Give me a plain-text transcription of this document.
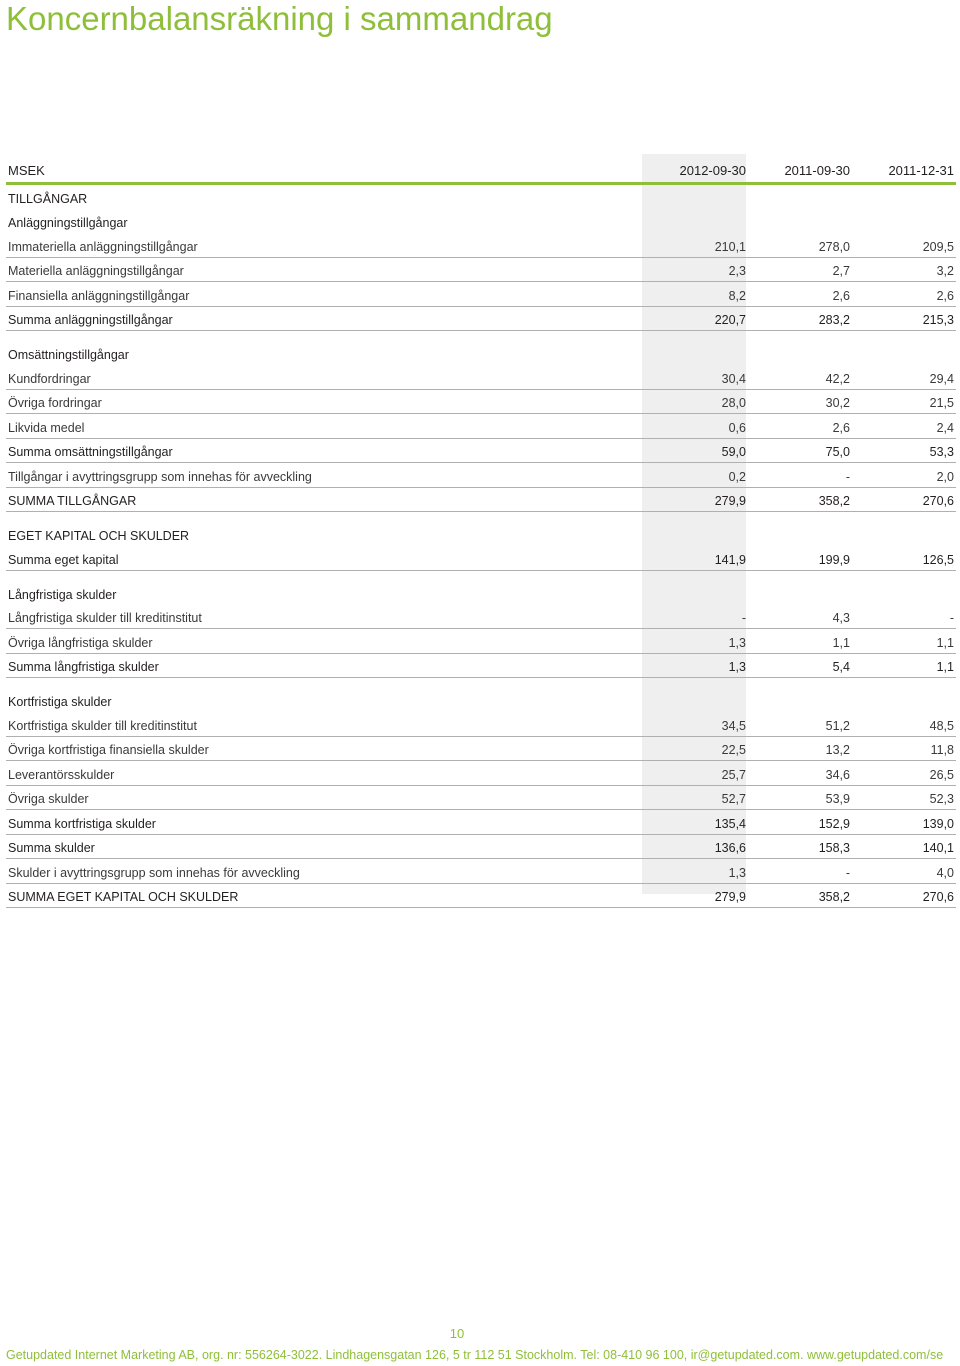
Koncernbalansräkning i sammandrag
MSEK	2012-09-30	2011-09-30	2011-12-31
TILLGÅNGAR
Anläggningstillgångar
Immateriella anläggningstillgångar	210,1	278,0	209,5
Materiella anläggningstillgångar	2,3	2,7	3,2
Finansiella anläggningstillgångar	8,2	2,6	2,6
Summa anläggningstillgångar	220,7	283,2	215,3
Omsättningstillgångar
Kundfordringar	30,4	42,2	29,4
Övriga fordringar	28,0	30,2	21,5
Likvida medel	0,6	2,6	2,4
Summa omsättningstillgångar	59,0	75,0	53,3
Tillgångar i avyttringsgrupp som innehas för avveckling	0,2	-	2,0
SUMMA TILLGÅNGAR	279,9	358,2	270,6
EGET KAPITAL OCH SKULDER
Summa eget kapital	141,9	199,9	126,5
Långfristiga skulder
Långfristiga skulder till kreditinstitut	-	4,3	-
Övriga långfristiga skulder	1,3	1,1	1,1
Summa långfristiga skulder	1,3	5,4	1,1
Kortfristiga skulder
Kortfristiga skulder till kreditinstitut	34,5	51,2	48,5
Övriga kortfristiga finansiella skulder	22,5	13,2	11,8
Leverantörsskulder	25,7	34,6	26,5
Övriga skulder	52,7	53,9	52,3
Summa kortfristiga skulder	135,4	152,9	139,0
Summa skulder	136,6	158,3	140,1
Skulder i avyttringsgrupp som innehas för avveckling	1,3	-	4,0
SUMMA EGET KAPITAL OCH SKULDER	279,9	358,2	270,6
10
Getupdated Internet Marketing AB, org. nr: 556264-3022. Lindhagensgatan 126, 5 tr 112 51 Stockholm. Tel: 08-410 96 100, ir@getupdated.com. www.getupdated.com/se
